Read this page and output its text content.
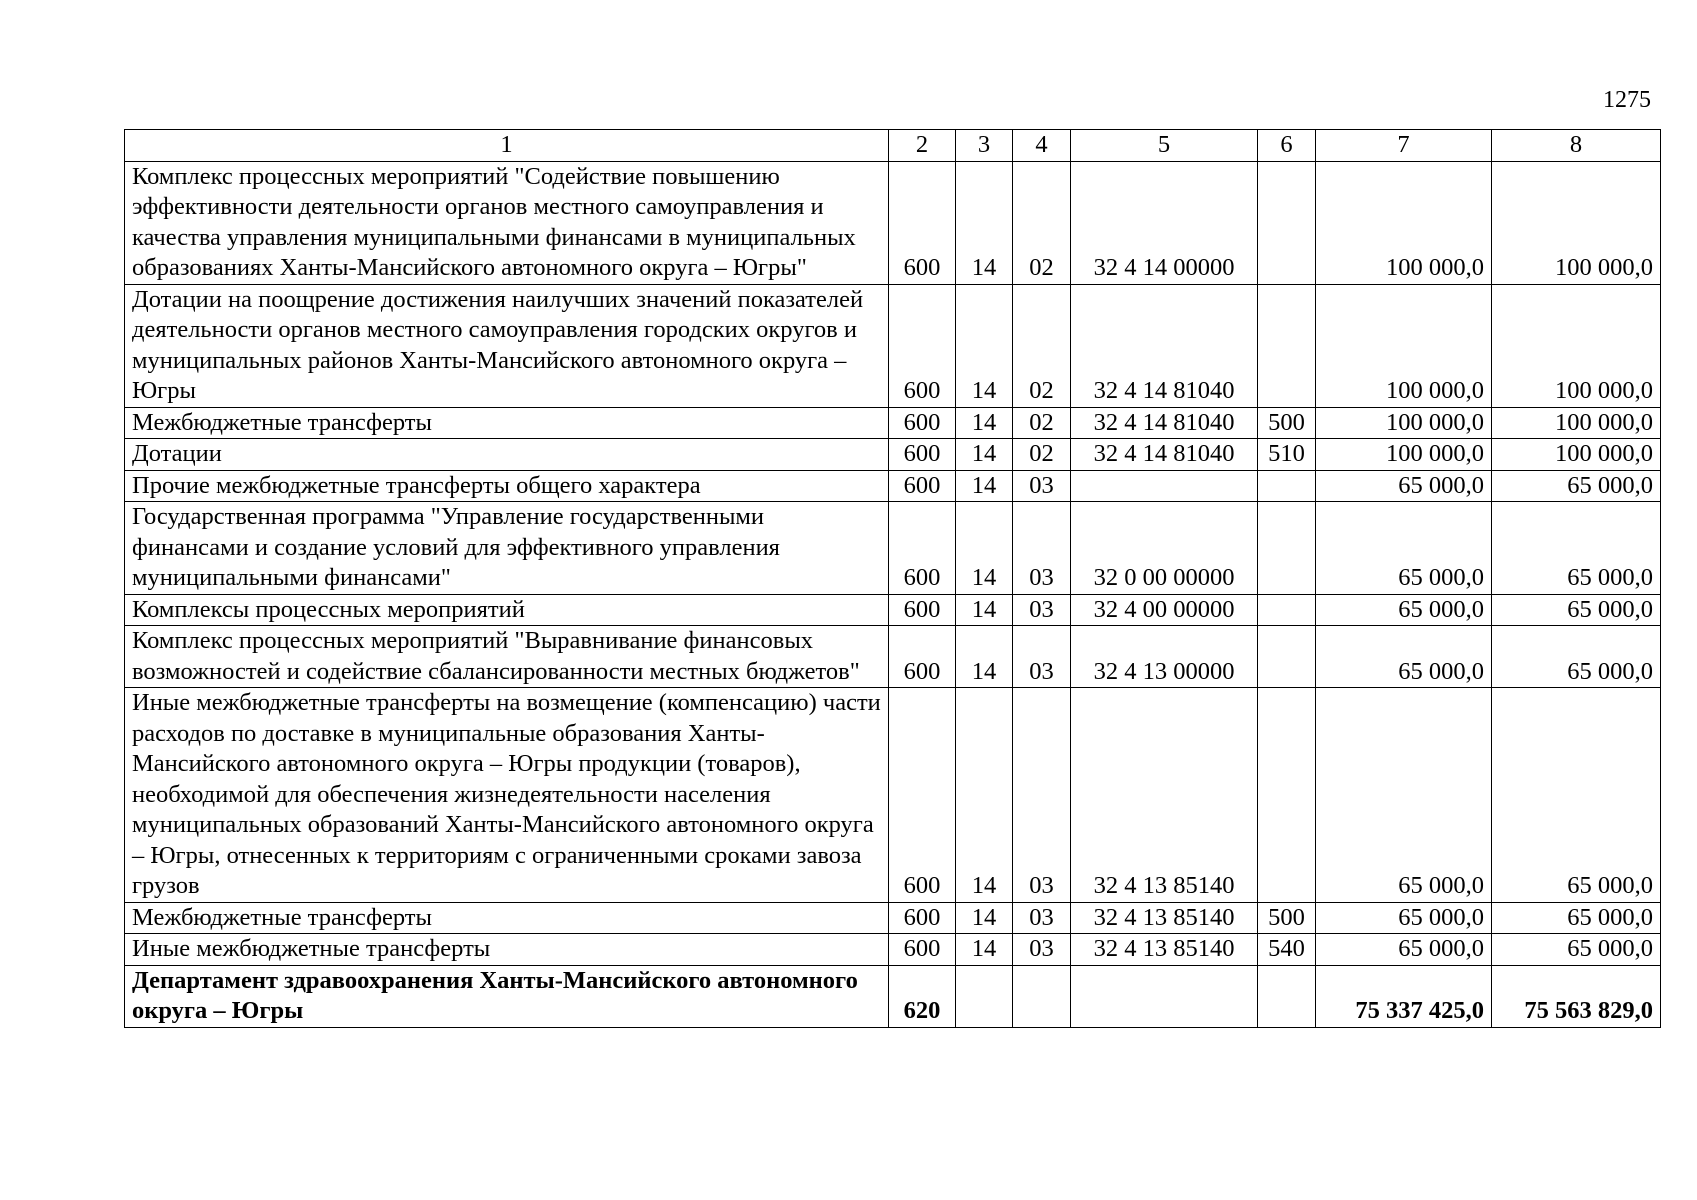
1275
1	2	3	4	5	6	7	8
Комплекс процессных мероприятий "Содействие повышению эффективности деятельности органов местного самоуправления и качества управления муниципальными финансами в муниципальных образованиях Ханты-Мансийского автономного округа – Югры"	600	14	02	32 4 14 00000		100 000,0	100 000,0
Дотации на поощрение достижения наилучших значений показателей деятельности органов местного самоуправления городских округов и муниципальных районов Ханты-Мансийского автономного округа – Югры	600	14	02	32 4 14 81040		100 000,0	100 000,0
Межбюджетные трансферты	600	14	02	32 4 14 81040	500	100 000,0	100 000,0
Дотации	600	14	02	32 4 14 81040	510	100 000,0	100 000,0
Прочие межбюджетные трансферты общего характера	600	14	03			65 000,0	65 000,0
Государственная программа "Управление государственными финансами и создание условий для эффективного управления муниципальными финансами"	600	14	03	32 0 00 00000		65 000,0	65 000,0
Комплексы процессных мероприятий	600	14	03	32 4 00 00000		65 000,0	65 000,0
Комплекс процессных мероприятий "Выравнивание финансовых возможностей и содействие сбалансированности местных бюджетов"	600	14	03	32 4 13 00000		65 000,0	65 000,0
Иные межбюджетные трансферты на возмещение (компенсацию) части расходов по доставке в муниципальные образования Ханты-Мансийского автономного округа – Югры продукции (товаров), необходимой для обеспечения жизнедеятельности населения муниципальных образований Ханты-Мансийского автономного округа – Югры, отнесенных к территориям с ограниченными сроками завоза грузов	600	14	03	32 4 13 85140		65 000,0	65 000,0
Межбюджетные трансферты	600	14	03	32 4 13 85140	500	65 000,0	65 000,0
Иные межбюджетные трансферты	600	14	03	32 4 13 85140	540	65 000,0	65 000,0
Департамент здравоохранения Ханты-Мансийского автономного округа – Югры	620					75 337 425,0	75 563 829,0
